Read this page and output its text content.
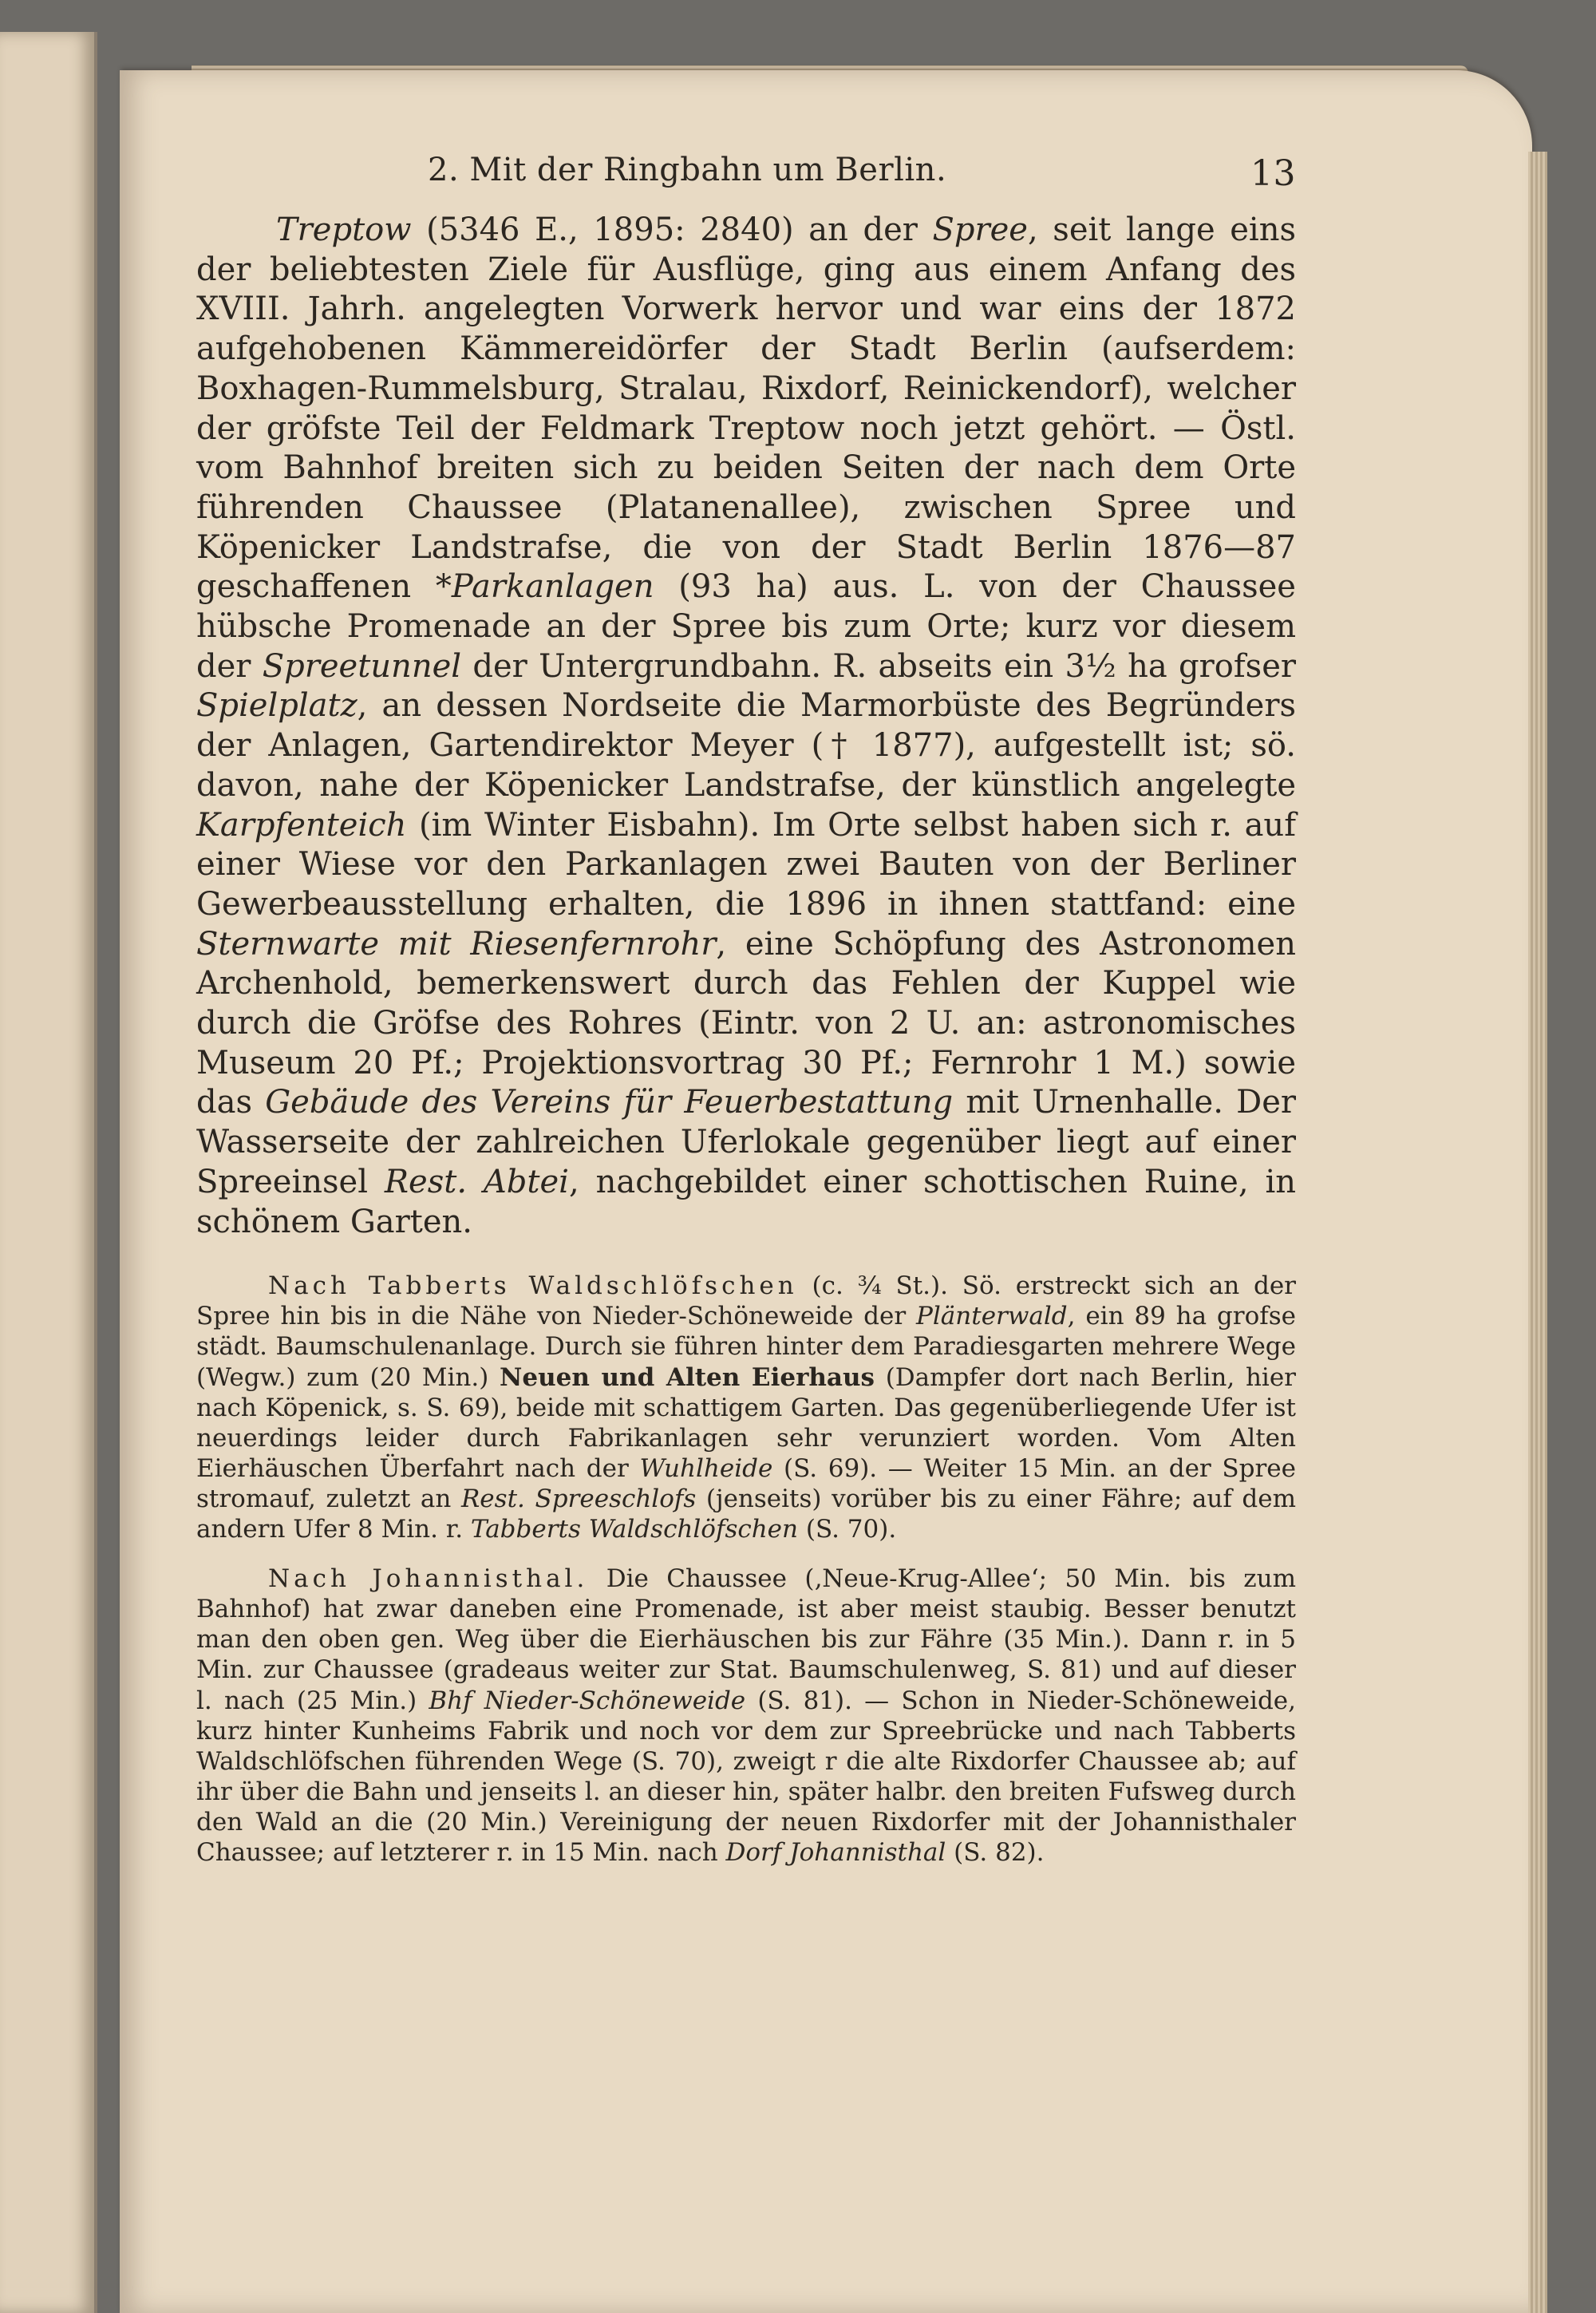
2. Mit der Ringbahn um Berlin.	13

Treptow (5346 E., 1895: 2840) an der Spree, seit lange eins der beliebtesten Ziele für Ausflüge, ging aus einem Anfang des XVIII. Jahrh. angelegten Vorwerk hervor und war eins der 1872 aufgehobenen Kämmereidörfer der Stadt Berlin (aufserdem: Boxhagen-Rummelsburg, Stralau, Rixdorf, Reinickendorf), welcher der gröfste Teil der Feldmark Treptow noch jetzt gehört. — Östl. vom Bahnhof breiten sich zu beiden Seiten der nach dem Orte führenden Chaussee (Platanenallee), zwischen Spree und Köpenicker Landstrafse, die von der Stadt Berlin 1876—87 geschaffenen *Parkanlagen (93 ha) aus. L. von der Chaussee hübsche Promenade an der Spree bis zum Orte; kurz vor diesem der Spreetunnel der Untergrundbahn. R. abseits ein 3½ ha grofser Spielplatz, an dessen Nordseite die Marmorbüste des Begründers der Anlagen, Gartendirektor Meyer († 1877), aufgestellt ist; sö. davon, nahe der Köpenicker Landstrafse, der künstlich angelegte Karpfenteich (im Winter Eisbahn). Im Orte selbst haben sich r. auf einer Wiese vor den Parkanlagen zwei Bauten von der Berliner Gewerbeausstellung erhalten, die 1896 in ihnen stattfand: eine Sternwarte mit Riesenfernrohr, eine Schöpfung des Astronomen Archenhold, bemerkenswert durch das Fehlen der Kuppel wie durch die Gröfse des Rohres (Eintr. von 2 U. an: astronomisches Museum 20 Pf.; Projektionsvortrag 30 Pf.; Fernrohr 1 M.) sowie das Gebäude des Vereins für Feuerbestattung mit Urnenhalle. Der Wasserseite der zahlreichen Uferlokale gegenüber liegt auf einer Spreeinsel Rest. Abtei, nachgebildet einer schottischen Ruine, in schönem Garten.

Nach Tabberts Waldschlöfschen (c. ¾ St.). Sö. erstreckt sich an der Spree hin bis in die Nähe von Nieder-Schöneweide der Plänterwald, ein 89 ha grofse städt. Baumschulenanlage. Durch sie führen hinter dem Paradiesgarten mehrere Wege (Wegw.) zum (20 Min.) Neuen und Alten Eierhaus (Dampfer dort nach Berlin, hier nach Köpenick, s. S. 69), beide mit schattigem Garten. Das gegenüberliegende Ufer ist neuerdings leider durch Fabrikanlagen sehr verunziert worden. Vom Alten Eierhäuschen Überfahrt nach der Wuhlheide (S. 69). — Weiter 15 Min. an der Spree stromauf, zuletzt an Rest. Spreeschlofs (jenseits) vorüber bis zu einer Fähre; auf dem andern Ufer 8 Min. r. Tabberts Waldschlöfschen (S. 70).

Nach Johannisthal. Die Chaussee (‚Neue-Krug-Allee‘; 50 Min. bis zum Bahnhof) hat zwar daneben eine Promenade, ist aber meist staubig. Besser benutzt man den oben gen. Weg über die Eierhäuschen bis zur Fähre (35 Min.). Dann r. in 5 Min. zur Chaussee (gradeaus weiter zur Stat. Baumschulenweg, S. 81) und auf dieser l. nach (25 Min.) Bhf Nieder-Schöneweide (S. 81). — Schon in Nieder-Schöneweide, kurz hinter Kunheims Fabrik und noch vor dem zur Spreebrücke und nach Tabberts Waldschlöfschen führenden Wege (S. 70), zweigt r die alte Rixdorfer Chaussee ab; auf ihr über die Bahn und jenseits l. an dieser hin, später halbr. den breiten Fufsweg durch den Wald an die (20 Min.) Vereinigung der neuen Rixdorfer mit der Johannisthaler Chaussee; auf letzterer r. in 15 Min. nach Dorf Johannisthal (S. 82).
